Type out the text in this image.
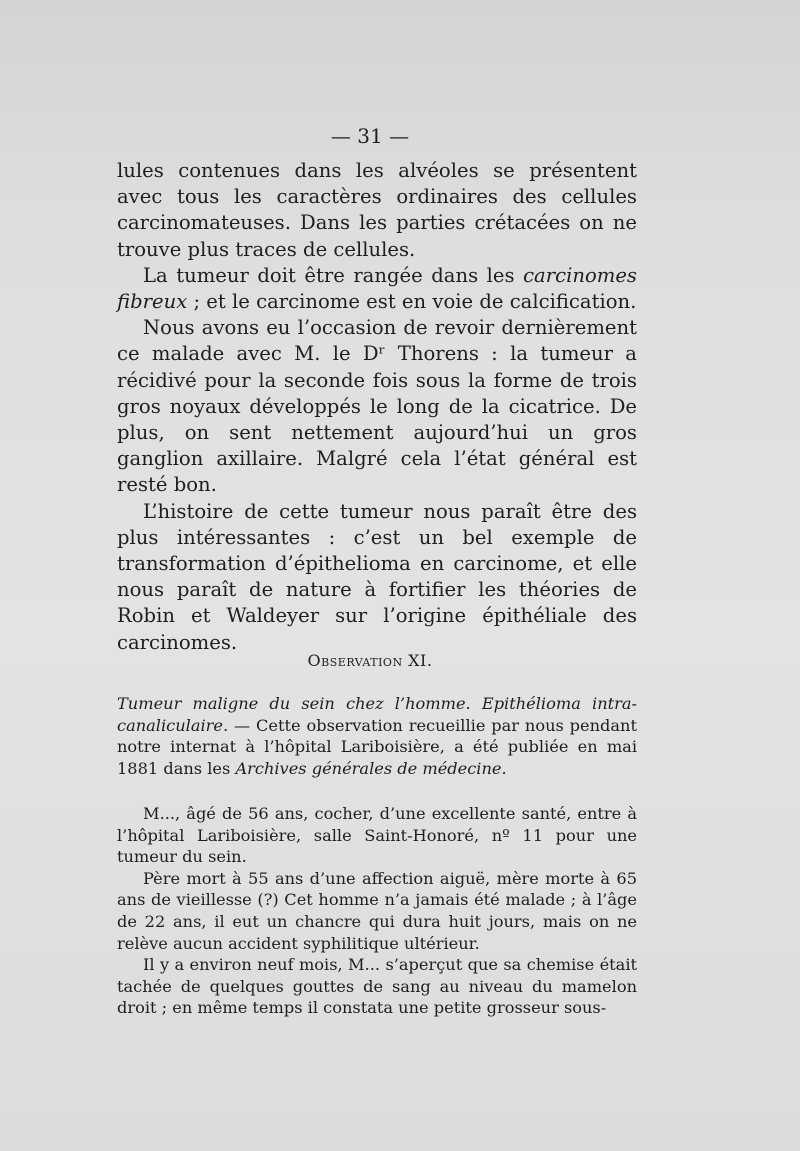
— 31 —

lules contenues dans les alvéoles se présentent avec tous les caractères ordinaires des cellules carcinomateuses. Dans les parties crétacées on ne trouve plus traces de cellules.

La tumeur doit être rangée dans les carcinomes fibreux ; et le carcinome est en voie de calcification.

Nous avons eu l’occasion de revoir dernièrement ce malade avec M. le Dʳ Thorens : la tumeur a récidivé pour la seconde fois sous la forme de trois gros noyaux développés le long de la cicatrice. De plus, on sent nettement aujourd’hui un gros ganglion axillaire. Malgré cela l’état général est resté bon.

L’histoire de cette tumeur nous paraît être des plus intéressantes : c’est un bel exemple de transformation d’épithelioma en carcinome, et elle nous paraît de nature à fortifier les théories de Robin et Waldeyer sur l’origine épithéliale des carcinomes.

Observation XI.

Tumeur maligne du sein chez l’homme. Epithélioma intra-canaliculaire. — Cette observation recueillie par nous pendant notre internat à l’hôpital Lariboisière, a été publiée en mai 1881 dans les Archives générales de médecine.

M..., âgé de 56 ans, cocher, d’une excellente santé, entre à l’hôpital Lariboisière, salle Saint-Honoré, nº 11 pour une tumeur du sein.

Père mort à 55 ans d’une affection aiguë, mère morte à 65 ans de vieillesse (?) Cet homme n’a jamais été malade ; à l’âge de 22 ans, il eut un chancre qui dura huit jours, mais on ne relève aucun accident syphilitique ultérieur.

Il y a environ neuf mois, M... s’aperçut que sa chemise était tachée de quelques gouttes de sang au niveau du mamelon droit ; en même temps il constata une petite grosseur sous-
